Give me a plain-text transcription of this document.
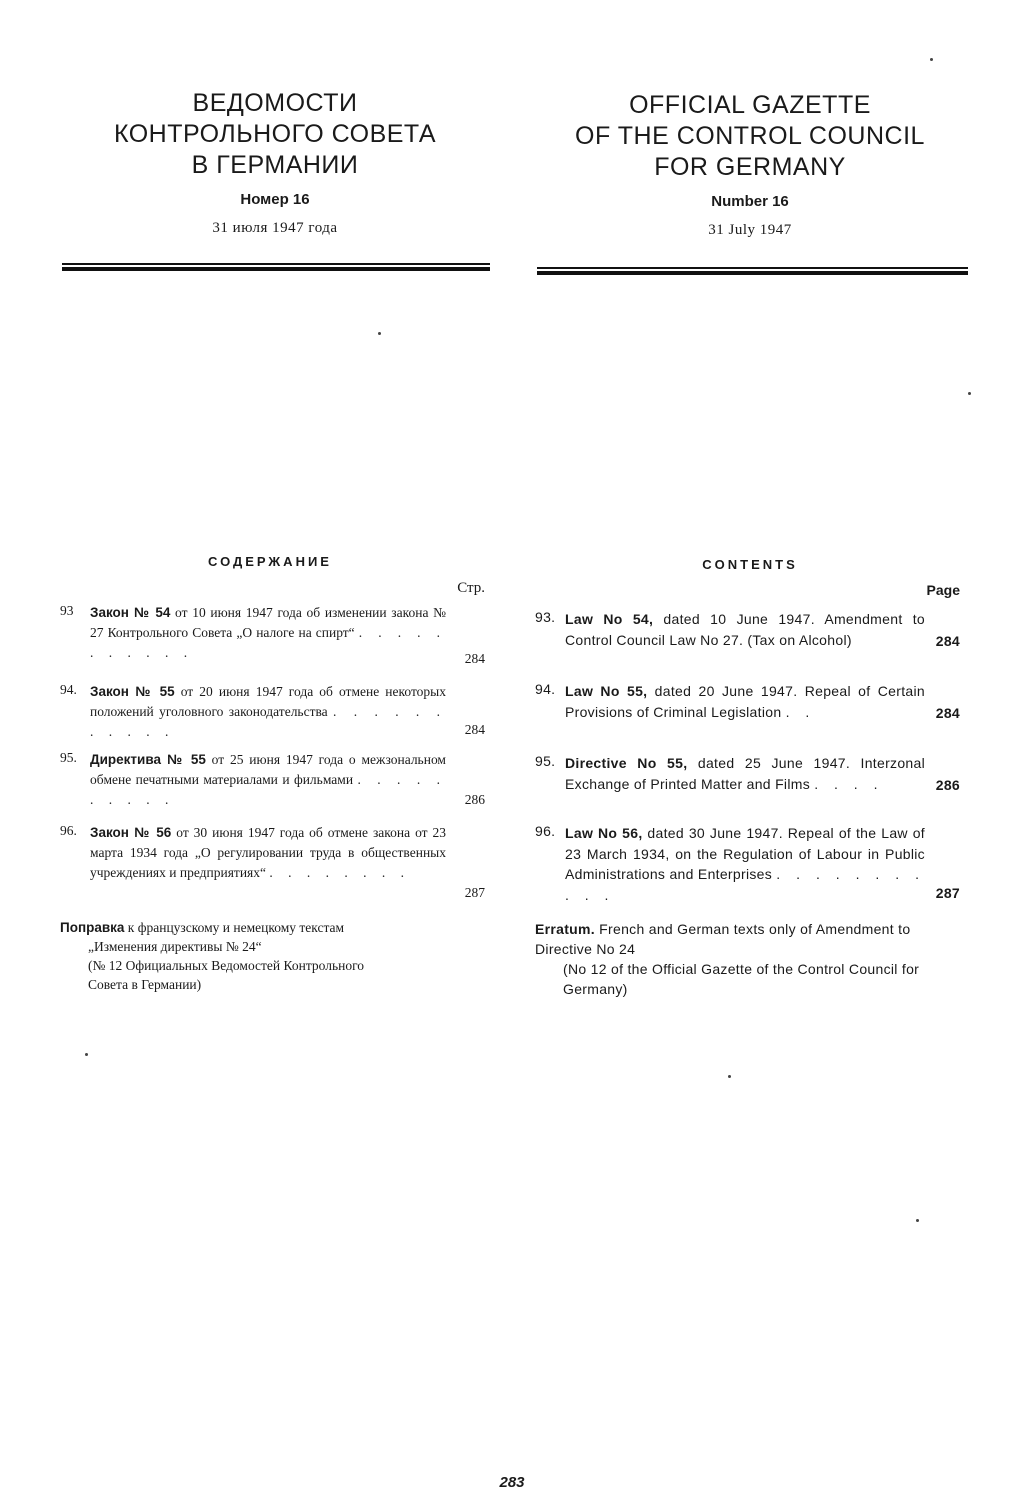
ВЕДОМОСТИ
КОНТРОЛЬНОГО СОВЕТА
В ГЕРМАНИИ
Номер 16
31 июля 1947 года
СОДЕРЖАНИЕ
Стр.
93 Закон № 54 от 10 июня 1947 года об изменении закона № 27 Контрольного Совета „О налоге на спирт“ . . . . . . . . . . .	284
94. Закон № 55 от 20 июня 1947 года об отмене некоторых положений уголовного законодательства . . . . . . . . . . .	284
95. Директива № 55 от 25 июня 1947 года о межзональном обмене печатными материалами и фильмами . . . . . . . . . .	286
96. Закон № 56 от 30 июня 1947 года об отмене закона от 23 марта 1934 года „О регулировании труда в общественных учреждениях и предприятиях“ . . . . . . . .
287
Поправка к французскому и немецкому текстам
„Изменения директивы № 24“
(№ 12 Официальных Ведомостей Контрольного
Совета в Германии)
OFFICIAL GAZETTE
OF THE CONTROL COUNCIL
FOR GERMANY
Number 16
31 July 1947
CONTENTS
Page
93. Law No 54, dated 10 June 1947. Amendment to Control Council Law No 27. (Tax on Alcohol)	284
94. Law No 55, dated 20 June 1947. Repeal of Certain Provisions of Criminal Legislation . .	284
95. Directive No 55, dated 25 June 1947. Interzonal Exchange of Printed Matter and Films . . . .	286
96. Law No 56, dated 30 June 1947. Repeal of the Law of 23 March 1934, on the Regulation of Labour in Public Administrations and Enterprises . . . . . . . . . . .	287
Erratum. French and German texts only of Amendment to Directive No 24
(No 12 of the Official Gazette of the Control Council for Germany)
283
